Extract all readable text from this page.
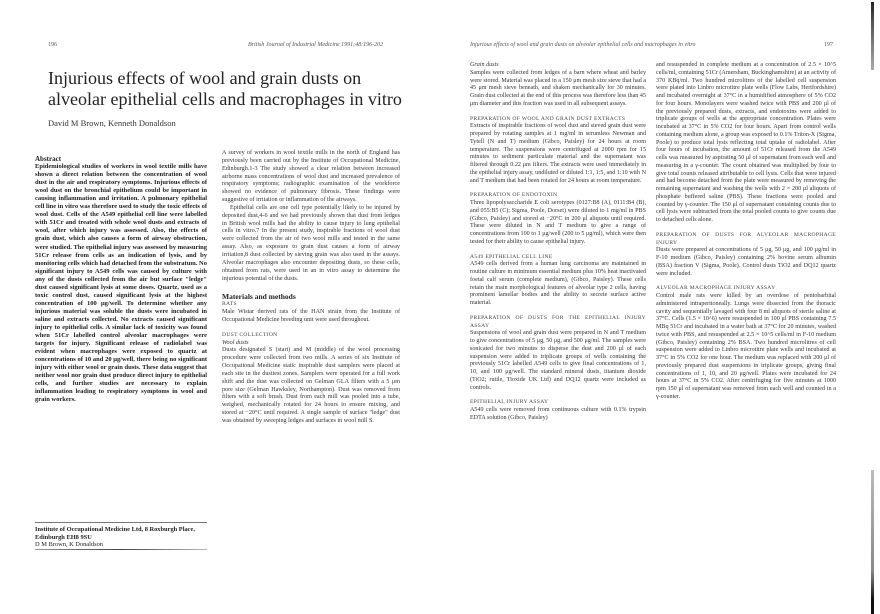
196	British Journal of Industrial Medicine 1991;48:196-202
Injurious effects of wool and grain dusts on alveolar epithelial cells and macrophages in vitro
David M Brown, Kenneth Donaldson
Abstract

Epidemiological studies of workers in wool textile mills have shown a direct relation between the concentration of wool dust in the air and respiratory symptoms. Injurious effects of wool dust on the bronchial epithelium could be important in causing inflammation and irritation. A pulmonary epithelial cell line in vitro was therefore used to study the toxic effects of wool dust. Cells of the A549 epithelial cell line were labelled with 51Cr and treated with whole wool dusts and extracts of wool, after which injury was assessed. Also, the effects of grain dust, which also causes a form of airway obstruction, were studied. The epithelial injury was assessed by measuring 51Cr release from cells as an indication of lysis, and by monitoring cells which had detached from the substratum. No significant injury to A549 cells was caused by culture with any of the dusts collected from the air but surface "ledge" dust caused significant lysis at some doses. Quartz, used as a toxic control dust, caused significant lysis at the highest concentration of 100 μg/well. To determine whether any injurious material was soluble the dusts were incubated in saline and extracts collected. No extracts caused significant injury to epithelial cells. A similar lack of toxicity was found when 51Cr labelled control alveolar macrophages were targets for injury. Significant release of radiolabel was evident when macrophages were exposed to quartz at concentrations of 10 and 20 μg/well, there being no significant injury with either wool or grain dusts. These data suggest that neither wool nor grain dust produce direct injury to epithelial cells, and further studies are necessary to explain inflammation leading to respiratory symptoms in wool and grain workers.

Institute of Occupational Medicine Ltd, 8 Roxburgh Place, Edinburgh EH8 9SU
D M Brown, K Donaldson

A survey of workers in wool textile mills in the north of England has previously been carried out by the Institute of Occupational Medicine, Edinburgh.1-3 The study showed a clear relation between increased airborne mass concentrations of wool dust and increased prevalence of respiratory symptoms; radiographic examination of the workforce showed no evidence of pulmonary fibrosis. These findings were suggestive of irritation or inflammation of the airways.

Epithelial cells are one cell type potentially likely to be injured by deposited dust,4-6 and we had previously shown that dust from ledges in British wool mills had the ability to cause injury to lung epithelial cells in vitro.7 In the present study, inspirable fractions of wool dust were collected from the air of two wool mills and tested in the same assay. Also, as exposure to grain dust causes a form of airway irritation,8 dust collected by sieving grain was also used in the assays. Alveolar macrophages also encounter depositing dusts, so these cells, obtained from rats, were used in an in vitro assay to determine the injurious potential of the dusts.

Materials and methods
RATS

Male Wistar derived rats of the HAN strain from the Institute of Occupational Medicine breeding unit were used throughout.

DUST COLLECTION
Wool dusts

Dusts designated S (start) and M (middle) of the wool processing procedure were collected from two mills. A series of six Institute of Occupational Medicine static inspirable dust samplers were placed at each site in the dustiest zones. Samplers were operated for a full work shift and the dust was collected on Gelman GLA filters with a 5 μm pore size (Gelman Hawksley, Northampton). Dust was removed from filters with a soft brush. Dust from each mill was pooled into a tube, weighed, mechanically rotated for 24 hours to ensure mixing, and stored at −20°C until required. A single sample of surface "ledge" dust was obtained by sweeping ledges and surfaces in wool mill S.

Injurious effects of wool and grain dusts on alveolar epithelial cells and macrophages in vitro	197
Grain dusts

Samples were collected from ledges of a barn where wheat and barley were stored. Material was placed in a 150 μm mesh size sieve that had a 45 μm mesh sieve beneath, and shaken mechanically for 30 minutes. Grain dust collected at the end of this process was therefore less than 45 μm diameter and this fraction was used in all subsequent assays.

PREPARATION OF WOOL AND GRAIN DUST EXTRACTS

Extracts of inspirable fractions of wool dust and sieved grain dust were prepared by rotating samples at 1 mg/ml in serumless Newman and Tytell (N and T) medium (Gibco, Paisley) for 24 hours at room temperature. The suspensions were centrifuged at 2000 rpm for 15 minutes to sediment particulate material and the supernatant was filtered through 0.22 μm filters. The extracts were used immediately in the epithelial injury assay, undiluted or diluted 1:1, 1:5, and 1:10 with N and T medium that had been rotated for 24 hours at room temperature.

PREPARATION OF ENDOTOXIN

Three lipopolysaccharide E coli serotypes (0127:B8 (A), 0111:B4 (B), and 055:B5 (C); Sigma, Poole, Dorset) were diluted to 1 mg/ml in PBS (Gibco, Paisley) and stored at −20°C in 200 μl aliquots until required. These were diluted in N and T medium to give a range of concentrations from 100 to 1 μg/well (200 to 5 μg/ml), which were then tested for their ability to cause epithelial injury.

A549 EPITHELIAL CELL LINE

A549 cells derived from a human lung carcinoma are maintained in routine culture in minimum essential medium plus 10% heat inactivated foetal calf serum (complete medium), (Gibco, Paisley). These cells retain the main morphological features of alveolar type 2 cells, having prominent lamellar bodies and the ability to secrete surface active material.

PREPARATION OF DUSTS FOR THE EPITHELIAL INJURY ASSAY

Suspensions of wool and grain dust were prepared in N and T medium to give concentrations of 5 μg, 50 μg, and 500 μg/ml. The samples were sonicated for two minutes to disperse the dust and 200 μl of each suspension were added to triplicate groups of wells containing the previously 51Cr labelled A549 cells to give final concentrations of 1, 10, and 100 μg/well. The standard mineral dusts, titanium dioxide (TiO2; rutile, Tioxide UK Ltd) and DQ12 quartz were included as controls.

EPITHELIAL INJURY ASSAY

A549 cells were removed from continuous culture with 0.1% trypsin EDTA solution (Gibco, Paisley)

and resuspended in complete medium at a concentration of 2.5 × 10^5 cells/ml, containing 51Cr (Amersham, Buckinghamshire) at an activity of 370 KBq/ml. Two hundred microlitres of the labelled cell suspension were plated into Linbro microtitre plate wells (Flow Labs, Hertfordshire) and incubated overnight at 37°C in a humidified atmosphere of 5% CO2 for four hours. Monolayers were washed twice with PBS and 200 μl of the previously prepared dusts, extracts, and endotoxins were added to triplicate groups of wells at the appropriate concentration. Plates were incubated at 37°C in 5% CO2 for four hours. Apart from control wells containing medium alone, a group was exposed to 0.1% Triton-X (Sigma, Poole) to produce total lysis reflecting total uptake of radiolabel. After four hours of incubation, the amount of 51Cr released from the A549 cells was measured by aspirating 50 μl of supernatant from each well and measuring in a γ-counter. The count obtained was multiplied by four to give total counts released attributable to cell lysis. Cells that were injured and had become detached from the plate were measured by removing the remaining supernatant and washing the wells with 2 × 200 μl aliquots of phosphate buffered saline (PBS). These fractions were pooled and counted by γ-counter. The 150 μl of supernatant containing counts due to cell lysis were subtracted from the total pooled counts to give counts due to detached cells alone.

PREPARATION OF DUSTS FOR ALVEOLAR MACROPHAGE INJURY

Dusts were prepared at concentrations of 5 μg, 50 μg, and 100 μg/ml in F-10 medium (Gibco, Paisley) containing 2% bovine serum albumin (BSA) fraction V (Sigma, Poole). Control dusts TiO2 and DQ12 quartz were included.

ALVEOLAR MACROPHAGE INJURY ASSAY

Control male rats were killed by an overdose of pentobarbital administered intraperitoneally. Lungs were dissected from the thoracic cavity and sequentially lavaged with four 8 ml aliquots of sterile saline at 37°C. Cells (1.5 × 10^6) were resuspended in 100 μl PBS containing 7.5 MBq 51Cr and incubated in a water bath at 37°C for 20 minutes, washed twice with PBS, and resuspended at 2.5 × 10^5 cells/ml in F-10 medium (Gibco, Paisley) containing 2% BSA. Two hundred microlitres of cell suspension were added to Linbro microtitre plate wells and incubated at 37°C in 5% CO2 for one hour. The medium was replaced with 200 μl of previously prepared dust suspensions in triplicate groups, giving final concentrations of 1, 10, and 20 μg/well. Plates were incubated for 24 hours at 37°C in 5% CO2. After centrifuging for five minutes at 1000 rpm 150 μl of supernatant was removed from each well and counted in a γ-counter.
